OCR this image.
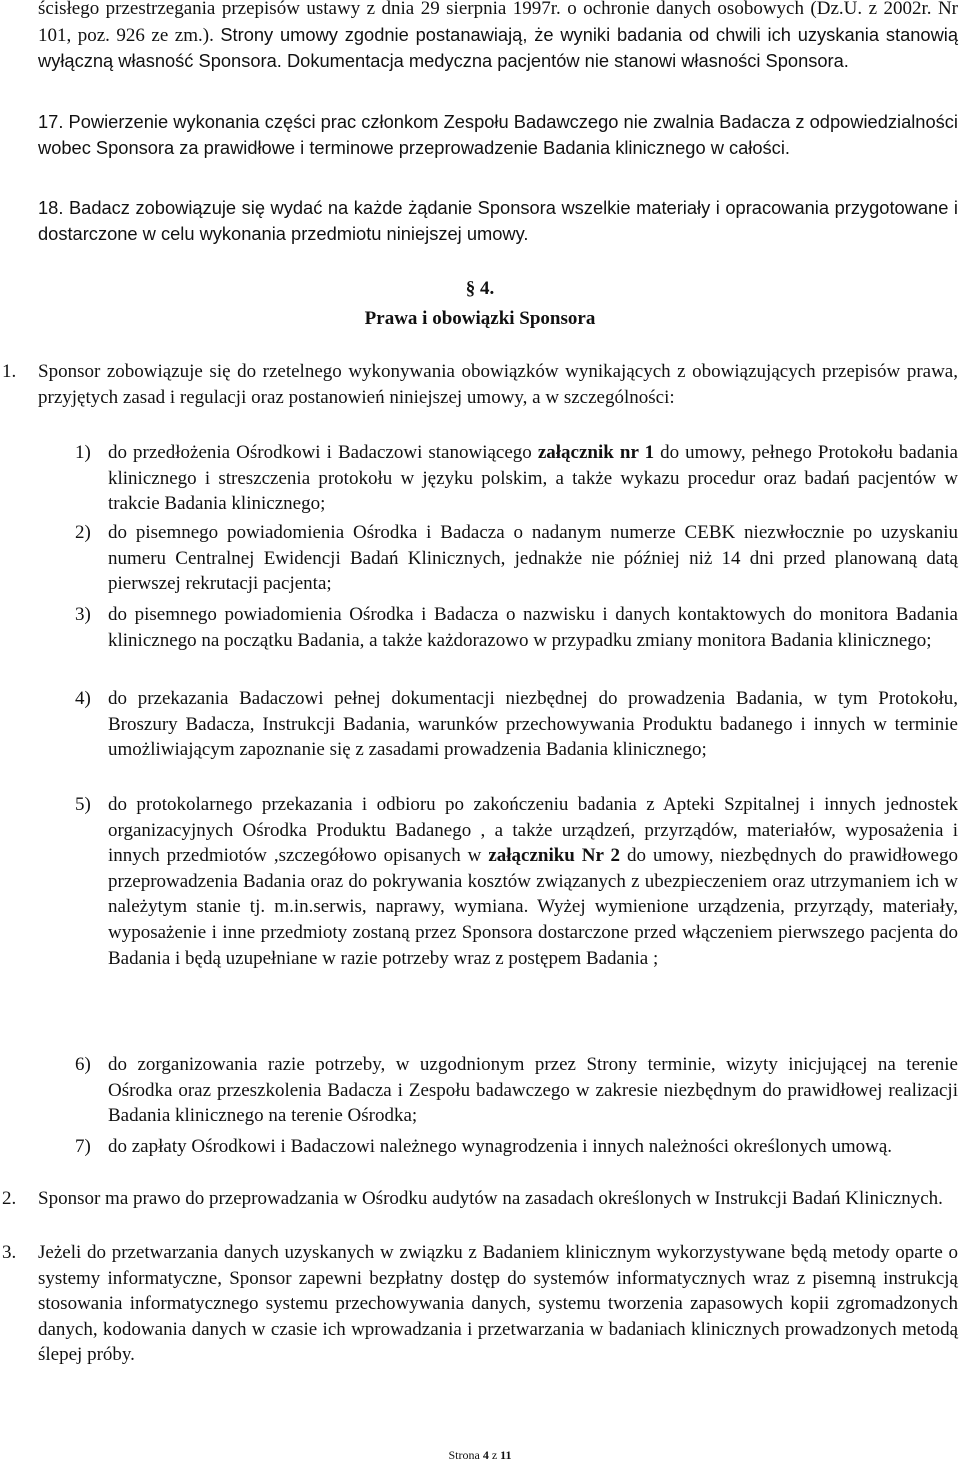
ścisłego przestrzegania przepisów ustawy z dnia 29 sierpnia 1997r. o ochronie danych osobowych (Dz.U. z 2002r. Nr 101, poz. 926 ze zm.). Strony umowy zgodnie postanawiają, że wyniki badania od chwili ich uzyskania stanowią wyłączną własność Sponsora. Dokumentacja medyczna pacjentów nie stanowi własności Sponsora.
17. Powierzenie wykonania części prac członkom Zespołu Badawczego nie zwalnia Badacza z odpowiedzialności wobec Sponsora za prawidłowe i terminowe przeprowadzenie Badania klinicznego w całości.
18. Badacz zobowiązuje się wydać na każde żądanie Sponsora wszelkie materiały i opracowania przygotowane i dostarczone w celu wykonania przedmiotu niniejszej umowy.
§ 4.
Prawa i obowiązki Sponsora
1. Sponsor zobowiązuje się do rzetelnego wykonywania obowiązków wynikających z obowiązujących przepisów prawa, przyjętych zasad i regulacji oraz postanowień niniejszej umowy, a w szczególności:
1) do przedłożenia Ośrodkowi i Badaczowi stanowiącego załącznik nr 1 do umowy, pełnego Protokołu badania klinicznego i streszczenia protokołu w języku polskim, a także wykazu procedur oraz badań pacjentów w trakcie Badania klinicznego;
2) do pisemnego powiadomienia Ośrodka i Badacza o nadanym numerze CEBK niezwłocznie po uzyskaniu numeru Centralnej Ewidencji Badań Klinicznych, jednakże nie później niż 14 dni przed planowaną datą pierwszej rekrutacji pacjenta;
3) do pisemnego powiadomienia Ośrodka i Badacza o nazwisku i danych kontaktowych do monitora Badania klinicznego na początku Badania, a także każdorazowo w przypadku zmiany monitora Badania klinicznego;
4) do przekazania Badaczowi pełnej dokumentacji niezbędnej do prowadzenia Badania, w tym Protokołu, Broszury Badacza, Instrukcji Badania, warunków przechowywania Produktu badanego i innych w terminie umożliwiającym zapoznanie się z zasadami prowadzenia Badania klinicznego;
5) do protokolarnego przekazania i odbioru po zakończeniu badania z Apteki Szpitalnej i innych jednostek organizacyjnych Ośrodka Produktu Badanego , a także urządzeń, przyrządów, materiałów, wyposażenia i innych przedmiotów ,szczegółowo opisanych w załączniku Nr 2 do umowy, niezbędnych do prawidłowego przeprowadzenia Badania oraz do pokrywania kosztów związanych z ubezpieczeniem oraz utrzymaniem ich w należytym stanie tj. m.in.serwis, naprawy, wymiana. Wyżej wymienione urządzenia, przyrządy, materiały, wyposażenie i inne przedmioty zostaną przez Sponsora dostarczone przed włączeniem pierwszego pacjenta do Badania i będą uzupełniane w razie potrzeby wraz z postępem Badania ;
6) do zorganizowania razie potrzeby, w uzgodnionym przez Strony terminie, wizyty inicjującej na terenie Ośrodka oraz przeszkolenia Badacza i Zespołu badawczego w zakresie niezbędnym do prawidłowej realizacji Badania klinicznego na terenie Ośrodka;
7) do zapłaty Ośrodkowi i Badaczowi należnego wynagrodzenia i innych należności określonych umową.
2. Sponsor ma prawo do przeprowadzania w Ośrodku audytów na zasadach określonych w Instrukcji Badań Klinicznych.
3. Jeżeli do przetwarzania danych uzyskanych w związku z Badaniem klinicznym wykorzystywane będą metody oparte o systemy informatyczne, Sponsor zapewni bezpłatny dostęp do systemów informatycznych wraz z pisemną instrukcją stosowania informatycznego systemu przechowywania danych, systemu tworzenia zapasowych kopii zgromadzonych danych, kodowania danych w czasie ich wprowadzania i przetwarzania w badaniach klinicznych prowadzonych metodą ślepej próby.
Strona 4 z 11
